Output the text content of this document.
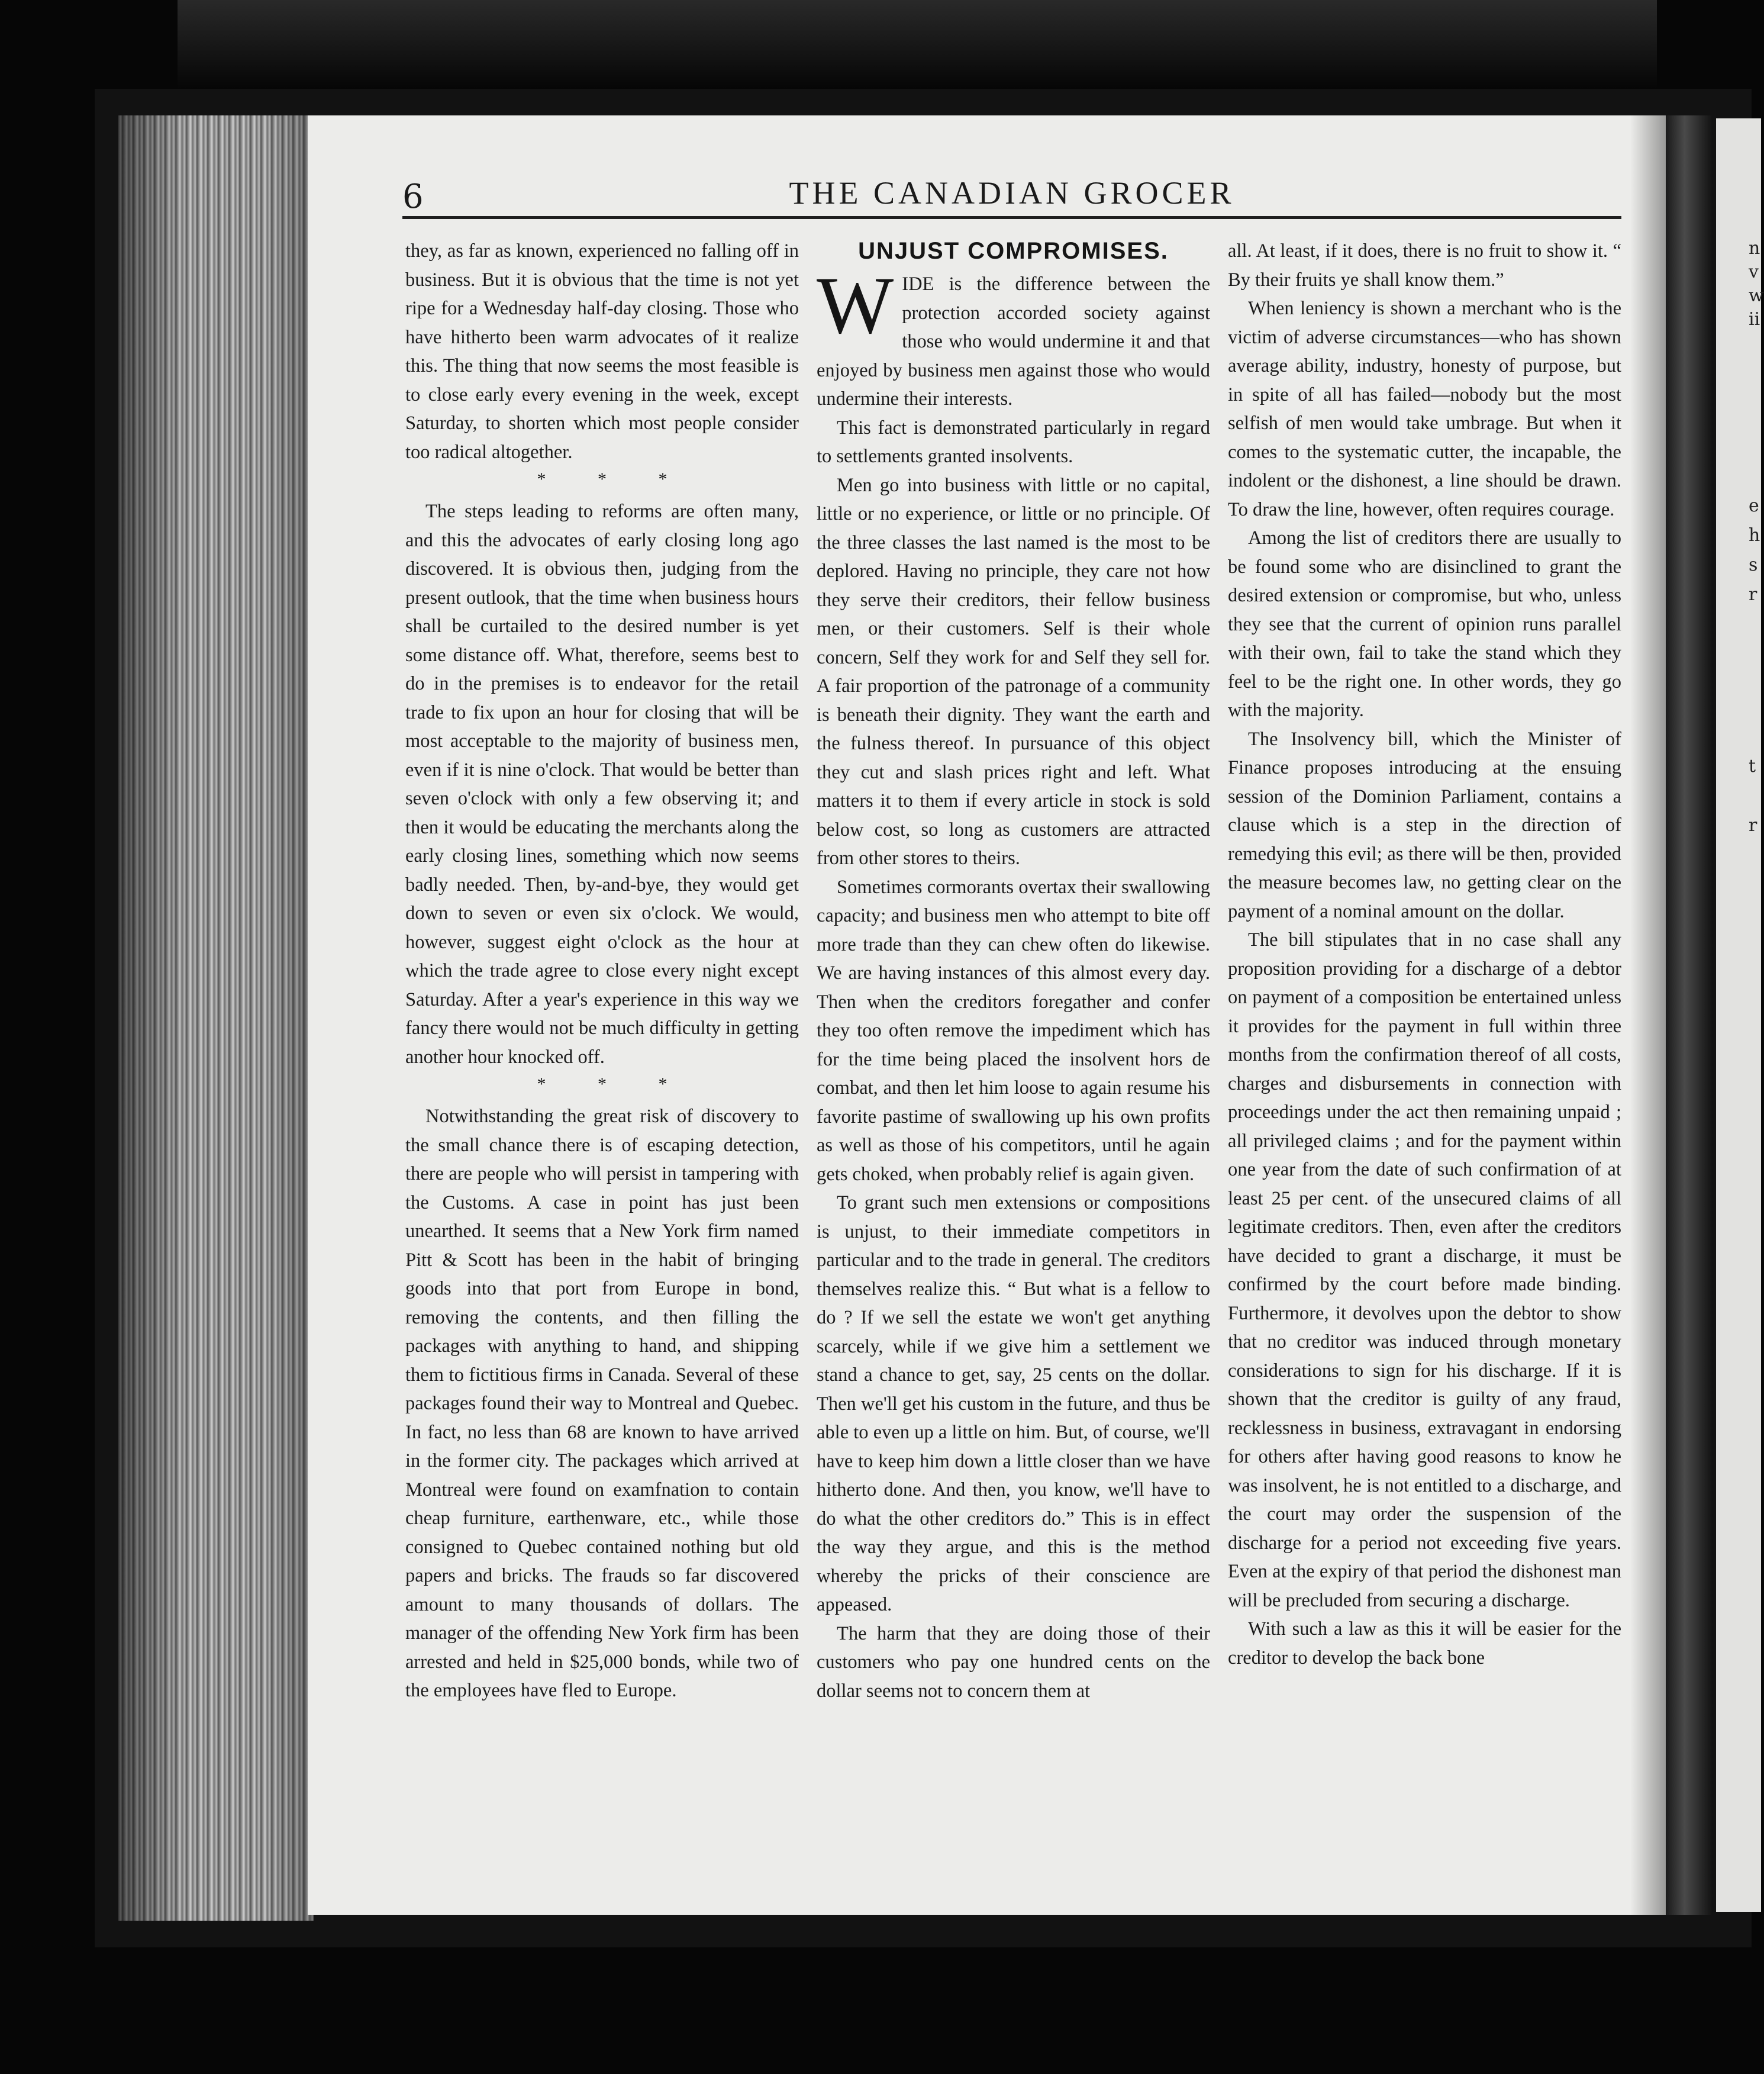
6	THE CANADIAN GROCER

they, as far as known, experienced no falling off in business. But it is obvious that the time is not yet ripe for a Wednesday half-day closing. Those who have hitherto been warm advocates of it realize this. The thing that now seems the most feasible is to close early every evening in the week, except Saturday, to shorten which most people consider too radical altogether.

* * *

The steps leading to reforms are often many, and this the advocates of early closing long ago discovered. It is obvious then, judging from the present outlook, that the time when business hours shall be curtailed to the desired number is yet some distance off. What, therefore, seems best to do in the premises is to endeavor for the retail trade to fix upon an hour for closing that will be most acceptable to the majority of business men, even if it is nine o'clock. That would be better than seven o'clock with only a few observing it; and then it would be educating the merchants along the early closing lines, something which now seems badly needed. Then, by-and-bye, they would get down to seven or even six o'clock. We would, however, suggest eight o'clock as the hour at which the trade agree to close every night except Saturday. After a year's experience in this way we fancy there would not be much difficulty in getting another hour knocked off.

* * *

Notwithstanding the great risk of discovery to the small chance there is of escaping detection, there are people who will persist in tampering with the Customs. A case in point has just been unearthed. It seems that a New York firm named Pitt & Scott has been in the habit of bringing goods into that port from Europe in bond, removing the contents, and then filling the packages with anything to hand, and shipping them to fictitious firms in Canada. Several of these packages found their way to Montreal and Quebec. In fact, no less than 68 are known to have arrived in the former city. The packages which arrived at Montreal were found on examfnation to contain cheap furniture, earthenware, etc., while those consigned to Quebec contained nothing but old papers and bricks. The frauds so far discovered amount to many thousands of dollars. The manager of the offending New York firm has been arrested and held in $25,000 bonds, while two of the employees have fled to Europe.

UNJUST COMPROMISES.

WIDE is the difference between the protection accorded society against those who would undermine it and that enjoyed by business men against those who would undermine their interests.

This fact is demonstrated particularly in regard to settlements granted insolvents.

Men go into business with little or no capital, little or no experience, or little or no principle. Of the three classes the last named is the most to be deplored. Having no principle, they care not how they serve their creditors, their fellow business men, or their customers. Self is their whole concern, Self they work for and Self they sell for. A fair proportion of the patronage of a community is beneath their dignity. They want the earth and the fulness thereof. In pursuance of this object they cut and slash prices right and left. What matters it to them if every article in stock is sold below cost, so long as customers are attracted from other stores to theirs.

Sometimes cormorants overtax their swallowing capacity; and business men who attempt to bite off more trade than they can chew often do likewise. We are having instances of this almost every day. Then when the creditors foregather and confer they too often remove the impediment which has for the time being placed the insolvent hors de combat, and then let him loose to again resume his favorite pastime of swallowing up his own profits as well as those of his competitors, until he again gets choked, when probably relief is again given.

To grant such men extensions or compositions is unjust, to their immediate competitors in particular and to the trade in general. The creditors themselves realize this. “ But what is a fellow to do ? If we sell the estate we won't get anything scarcely, while if we give him a settlement we stand a chance to get, say, 25 cents on the dollar. Then we'll get his custom in the future, and thus be able to even up a little on him. But, of course, we'll have to keep him down a little closer than we have hitherto done. And then, you know, we'll have to do what the other creditors do.” This is in effect the way they argue, and this is the method whereby the pricks of their conscience are appeased.

The harm that they are doing those of their customers who pay one hundred cents on the dollar seems not to concern them at

all. At least, if it does, there is no fruit to show it. “ By their fruits ye shall know them.”

When leniency is shown a merchant who is the victim of adverse circumstances—who has shown average ability, industry, honesty of purpose, but in spite of all has failed—nobody but the most selfish of men would take umbrage. But when it comes to the systematic cutter, the incapable, the indolent or the dishonest, a line should be drawn. To draw the line, however, often requires courage.

Among the list of creditors there are usually to be found some who are disinclined to grant the desired extension or compromise, but who, unless they see that the current of opinion runs parallel with their own, fail to take the stand which they feel to be the right one. In other words, they go with the majority.

The Insolvency bill, which the Minister of Finance proposes introducing at the ensuing session of the Dominion Parliament, contains a clause which is a step in the direction of remedying this evil; as there will be then, provided the measure becomes law, no getting clear on the payment of a nominal amount on the dollar.

The bill stipulates that in no case shall any proposition providing for a discharge of a debtor on payment of a composition be entertained unless it provides for the payment in full within three months from the confirmation thereof of all costs, charges and disbursements in connection with proceedings under the act then remaining unpaid ; all privileged claims ; and for the payment within one year from the date of such confirmation of at least 25 per cent. of the unsecured claims of all legitimate creditors. Then, even after the creditors have decided to grant a discharge, it must be confirmed by the court before made binding. Furthermore, it devolves upon the debtor to show that no creditor was induced through monetary considerations to sign for his discharge. If it is shown that the creditor is guilty of any fraud, recklessness in business, extravagant in endorsing for others after having good reasons to know he was insolvent, he is not entitled to a discharge, and the court may order the suspension of the discharge for a period not exceeding five years. Even at the expiry of that period the dishonest man will be precluded from securing a discharge.

With such a law as this it will be easier for the creditor to develop the back bone

n
v
w
ii
e
h
s
r
t
r
